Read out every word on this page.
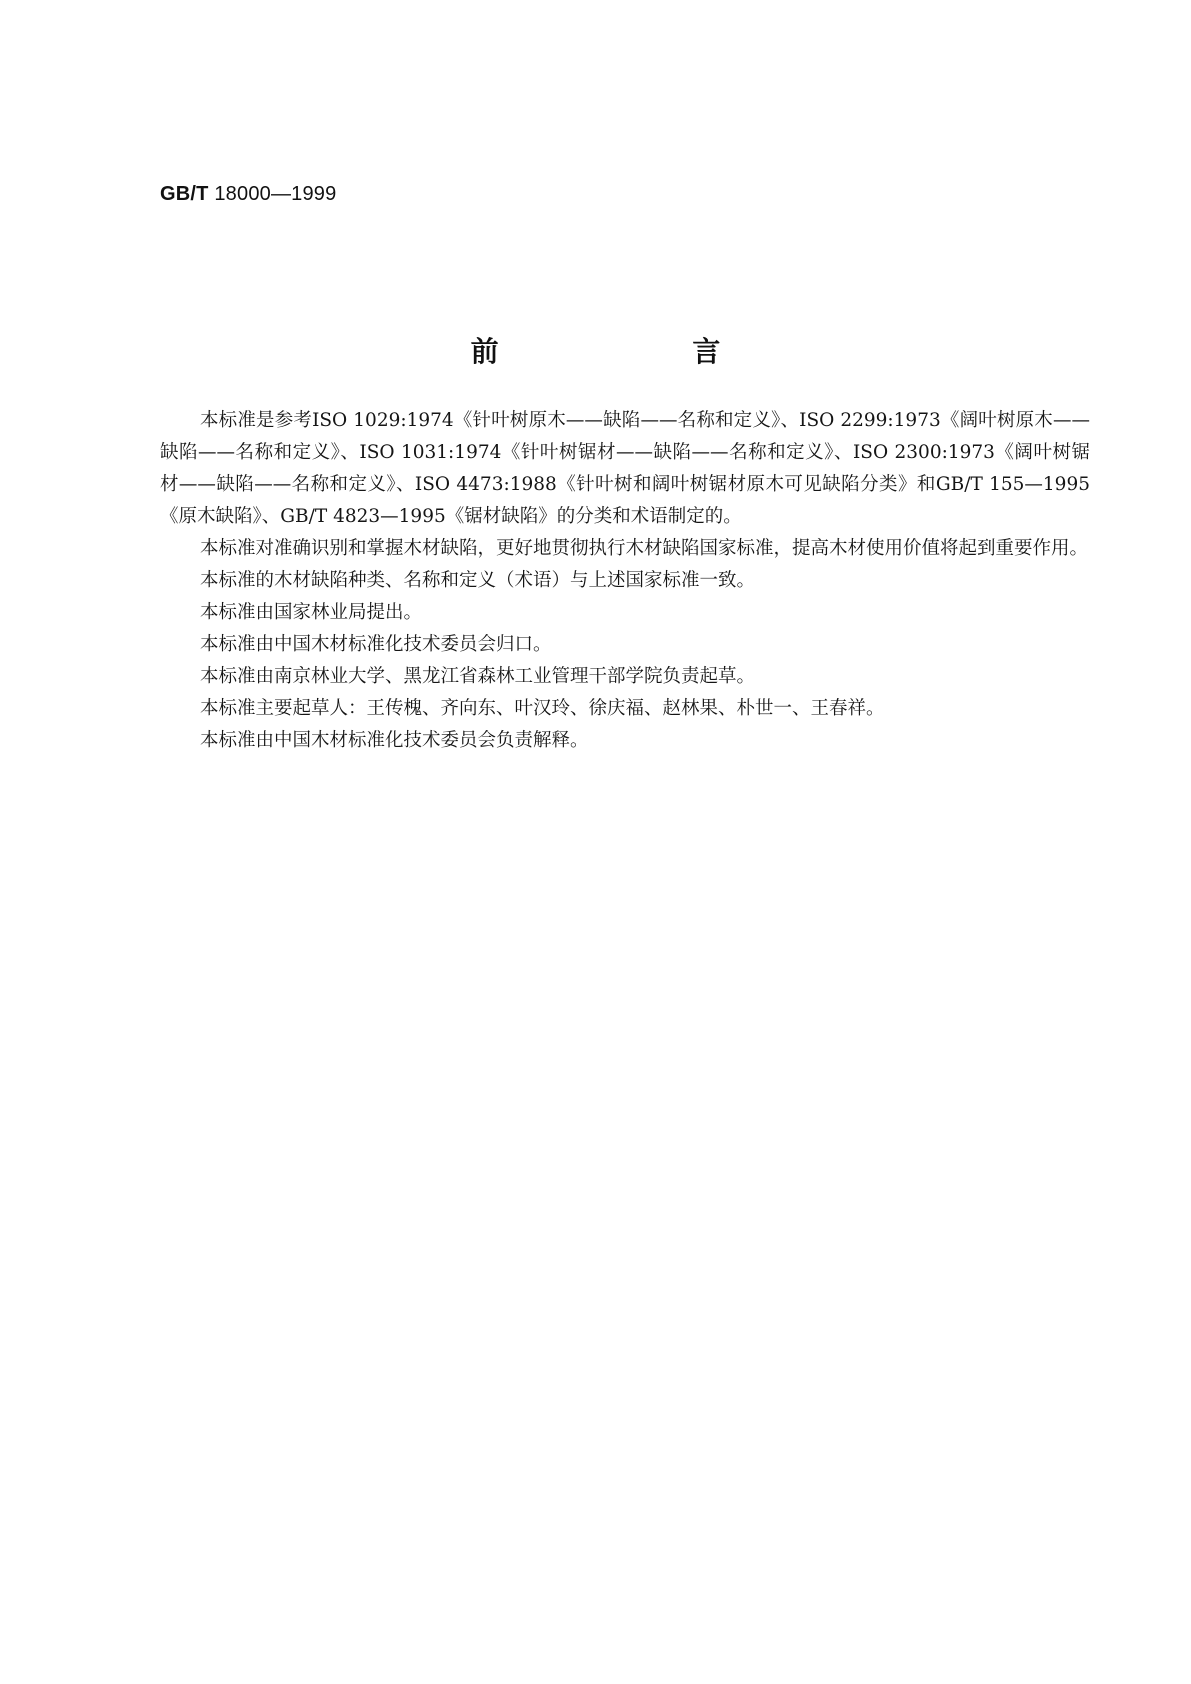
GB/T 18000—1999
前 言

本标准是参考ISO 1029:1974《针叶树原木——缺陷——名称和定义》、ISO 2299:1973《阔叶树原木——缺陷——名称和定义》、ISO 1031:1974《针叶树锯材——缺陷——名称和定义》、ISO 2300:1973《阔叶树锯材——缺陷——名称和定义》、ISO 4473:1988《针叶树和阔叶树锯材原木可见缺陷分类》和GB/T 155—1995《原木缺陷》、GB/T 4823—1995《锯材缺陷》的分类和术语制定的。

本标准对准确识别和掌握木材缺陷，更好地贯彻执行木材缺陷国家标准，提高木材使用价值将起到重要作用。

本标准的木材缺陷种类、名称和定义（术语）与上述国家标准一致。

本标准由国家林业局提出。

本标准由中国木材标准化技术委员会归口。

本标准由南京林业大学、黑龙江省森林工业管理干部学院负责起草。

本标准主要起草人：王传槐、齐向东、叶汉玲、徐庆福、赵林果、朴世一、王春祥。

本标准由中国木材标准化技术委员会负责解释。
